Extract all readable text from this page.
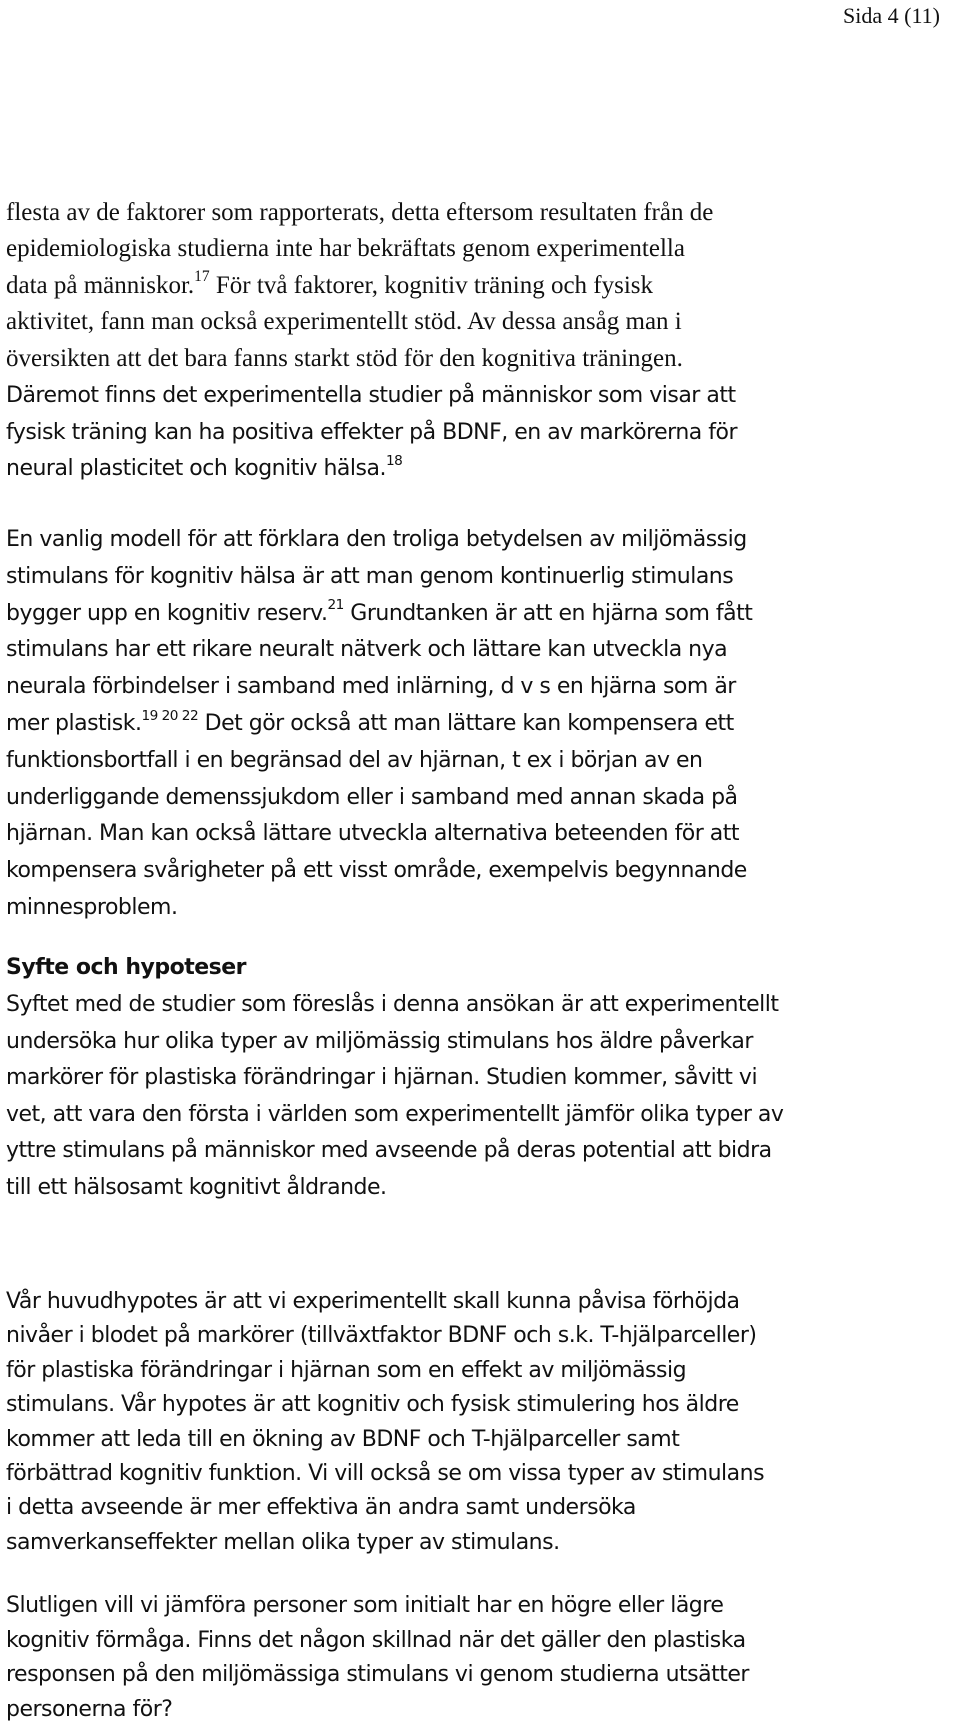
Sida 4 (11)
flesta av de faktorer som rapporterats, detta eftersom resultaten från de
epidemiologiska studierna inte har bekräftats genom experimentella
data på människor.$^{17}$ För två faktorer, kognitiv träning och fysisk
aktivitet, fann man också experimentellt stöd. Av dessa ansåg man i
översikten att det bara fanns starkt stöd för den kognitiva träningen.
Däremot finns det experimentella studier på människor som visar att
fysisk träning kan ha positiva effekter på BDNF, en av markörerna för
neural plasticitet och kognitiv hälsa.$^{18}$
En vanlig modell för att förklara den troliga betydelsen av miljömässig
stimulans för kognitiv hälsa är att man genom kontinuerlig stimulans
bygger upp en kognitiv reserv.$^{21}$ Grundtanken är att en hjärna som fått
stimulans har ett rikare neuralt nätverk och lättare kan utveckla nya
neurala förbindelser i samband med inlärning, d v s en hjärna som är
mer plastisk.$^{19 20 22}$ Det gör också att man lättare kan kompensera ett
funktionsbortfall i en begränsad del av hjärnan, t ex i början av en
underliggande demenssjukdom eller i samband med annan skada på
hjärnan. Man kan också lättare utveckla alternativa beteenden för att
kompensera svårigheter på ett visst område, exempelvis begynnande
minnesproblem.
Syfte och hypoteser
Syftet med de studier som föreslås i denna ansökan är att experimentellt
undersöka hur olika typer av miljömässig stimulans hos äldre påverkar
markörer för plastiska förändringar i hjärnan. Studien kommer, såvitt vi
vet, att vara den första i världen som experimentellt jämför olika typer av
yttre stimulans på människor med avseende på deras potential att bidra
till ett hälsosamt kognitivt åldrande.
Vår huvudhypotes är att vi experimentellt skall kunna påvisa förhöjda
nivåer i blodet på markörer (tillväxtfaktor BDNF och s.k. T-hjälparceller)
för plastiska förändringar i hjärnan som en effekt av miljömässig
stimulans. Vår hypotes är att kognitiv och fysisk stimulering hos äldre
kommer att leda till en ökning av BDNF och T-hjälparceller samt
förbättrad kognitiv funktion. Vi vill också se om vissa typer av stimulans
i detta avseende är mer effektiva än andra samt undersöka
samverkanseffekter mellan olika typer av stimulans.
Slutligen vill vi jämföra personer som initialt har en högre eller lägre
kognitiv förmåga. Finns det någon skillnad när det gäller den plastiska
responsen på den miljömässiga stimulans vi genom studierna utsätter
personerna för?
